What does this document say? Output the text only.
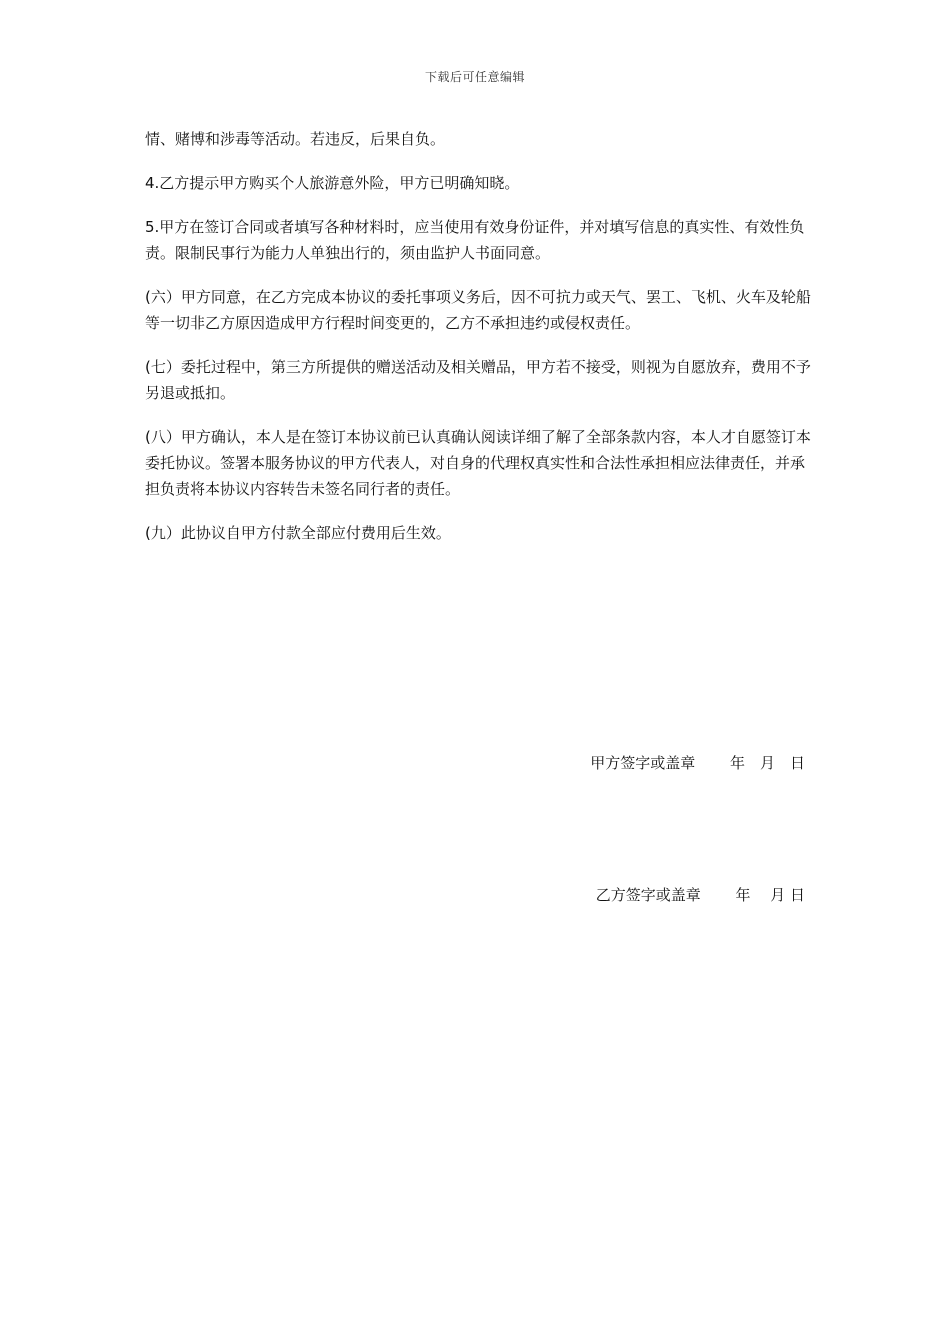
下载后可任意编辑

情、赌博和涉毒等活动。若违反，后果自负。

4.乙方提示甲方购买个人旅游意外险，甲方已明确知晓。

5.甲方在签订合同或者填写各种材料时，应当使用有效身份证件，并对填写信息的真实性、有效性负责。限制民事行为能力人单独出行的，须由监护人书面同意。

(六）甲方同意，在乙方完成本协议的委托事项义务后，因不可抗力或天气、罢工、飞机、火车及轮船等一切非乙方原因造成甲方行程时间变更的，乙方不承担违约或侵权责任。

(七）委托过程中，第三方所提供的赠送活动及相关赠品，甲方若不接受，则视为自愿放弃，费用不予另退或抵扣。

(八）甲方确认，本人是在签订本协议前已认真确认阅读详细了解了全部条款内容，本人才自愿签订本委托协议。签署本服务协议的甲方代表人，对自身的代理权真实性和合法性承担相应法律责任，并承担负责将本协议内容转告未签名同行者的责任。

(九）此协议自甲方付款全部应付费用后生效。

甲方签字或盖章　　 年　月　日
乙方签字或盖章　　 年　 月 日
